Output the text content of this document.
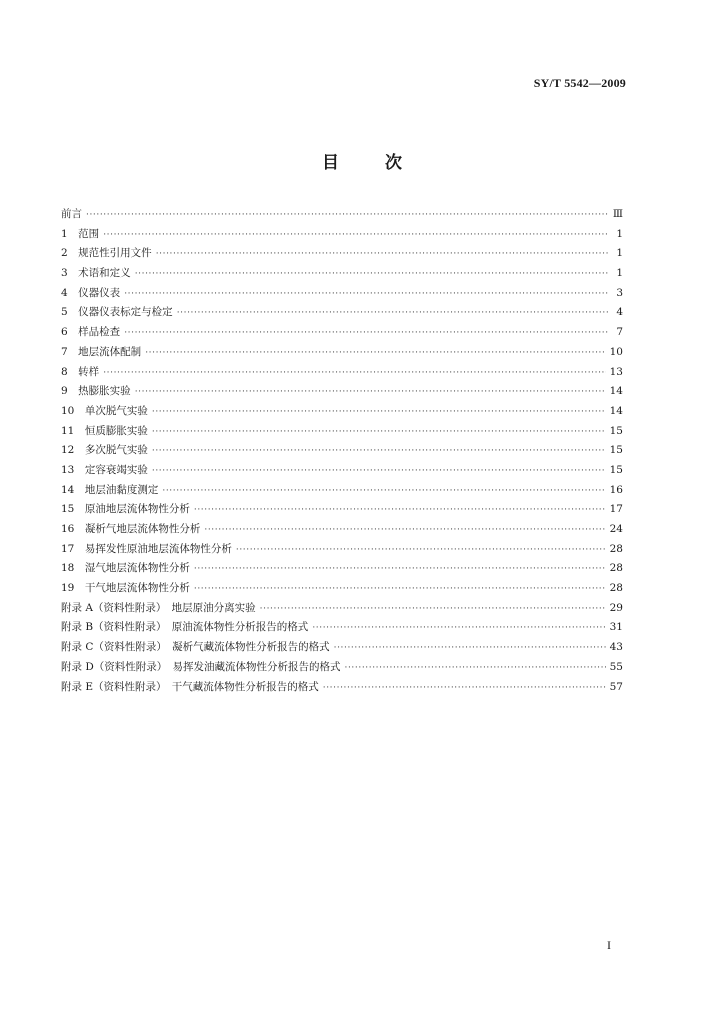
SY/T 5542—2009
目	次
前言 ·····	Ⅲ
1　范围 ·····	1
2　规范性引用文件 ·····	1
3　术语和定义 ·····	1
4　仪器仪表 ·····	3
5　仪器仪表标定与检定 ·····	4
6　样品检查 ·····	7
7　地层流体配制 ·····	10
8　转样 ·····	13
9　热膨胀实验 ·····	14
10　单次脱气实验 ·····	14
11　恒质膨胀实验 ·····	15
12　多次脱气实验 ·····	15
13　定容衰竭实验 ·····	15
14　地层油黏度测定 ·····	16
15　原油地层流体物性分析 ·····	17
16　凝析气地层流体物性分析 ·····	24
17　易挥发性原油地层流体物性分析 ·····	28
18　湿气地层流体物性分析 ·····	28
19　干气地层流体物性分析 ·····	28
附录 A（资料性附录）　地层原油分离实验 ·····	29
附录 B（资料性附录）　原油流体物性分析报告的格式 ·····	31
附录 C（资料性附录）　凝析气藏流体物性分析报告的格式 ·····	43
附录 D（资料性附录）　易挥发油藏流体物性分析报告的格式 ·····	55
附录 E（资料性附录）　干气藏流体物性分析报告的格式 ·····	57
I
